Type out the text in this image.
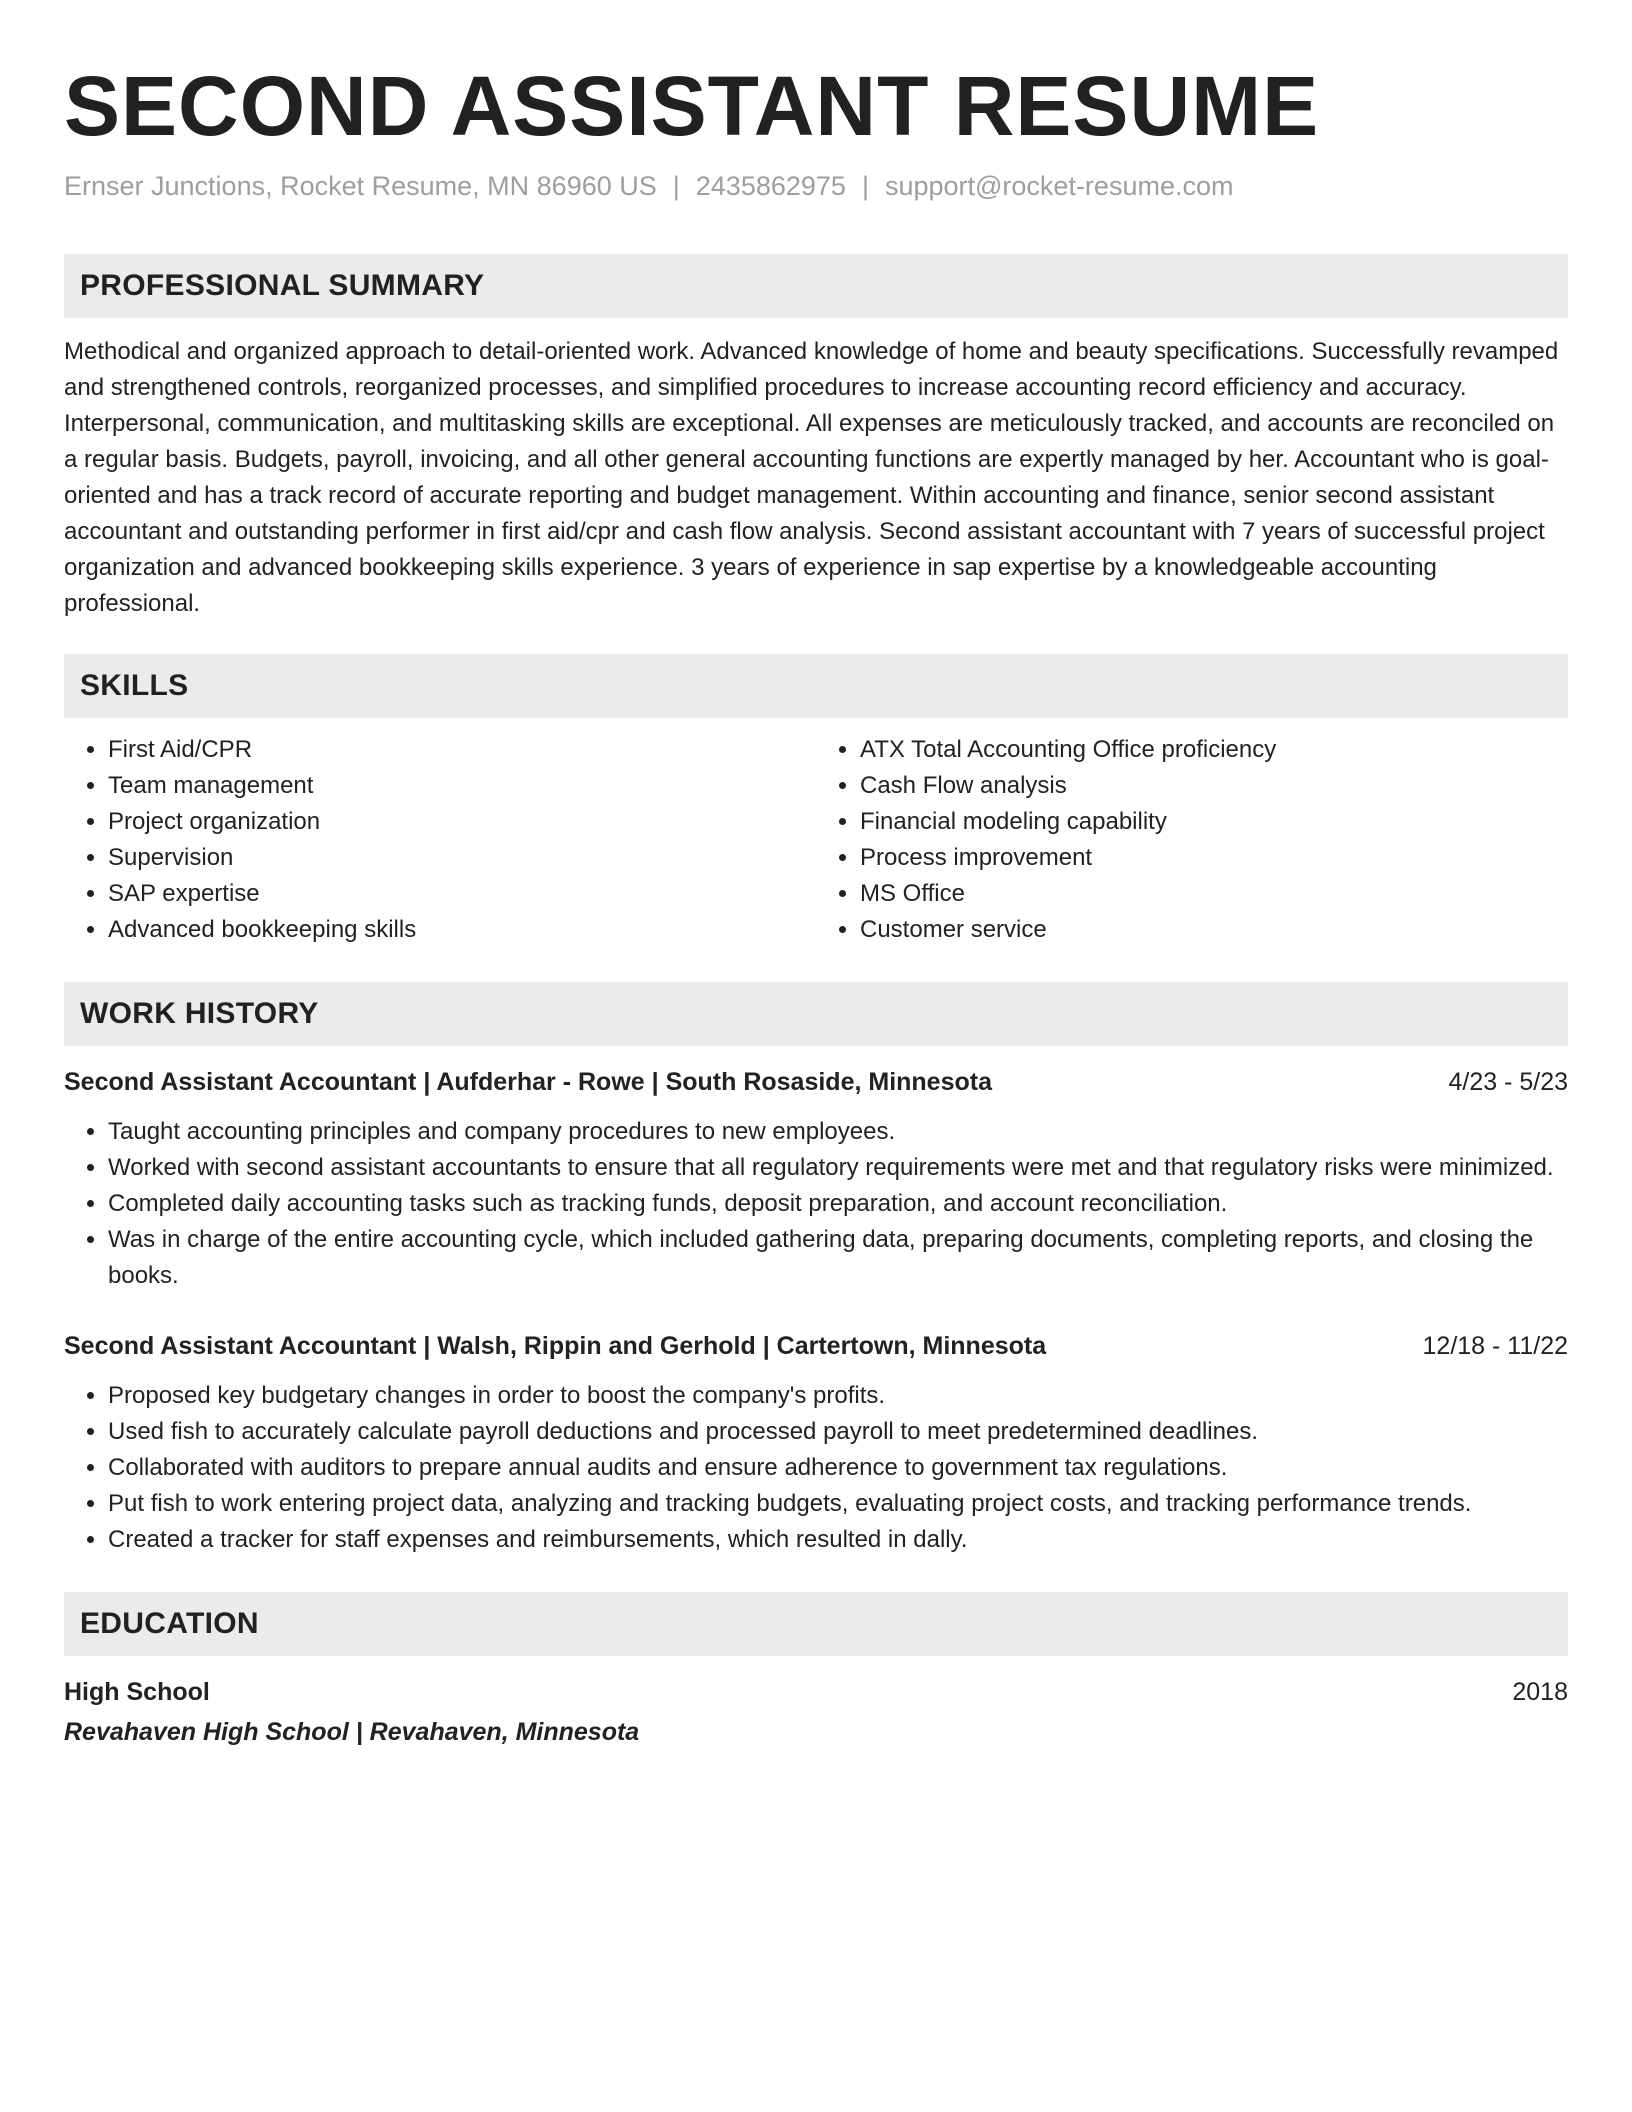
SECOND ASSISTANT RESUME
Ernser Junctions, Rocket Resume, MN 86960 US | 2435862975 | support@rocket-resume.com
PROFESSIONAL SUMMARY

Methodical and organized approach to detail-oriented work. Advanced knowledge of home and beauty specifications. Successfully revamped and strengthened controls, reorganized processes, and simplified procedures to increase accounting record efficiency and accuracy. Interpersonal, communication, and multitasking skills are exceptional. All expenses are meticulously tracked, and accounts are reconciled on a regular basis. Budgets, payroll, invoicing, and all other general accounting functions are expertly managed by her. Accountant who is goal-oriented and has a track record of accurate reporting and budget management. Within accounting and finance, senior second assistant accountant and outstanding performer in first aid/cpr and cash flow analysis. Second assistant accountant with 7 years of successful project organization and advanced bookkeeping skills experience. 3 years of experience in sap expertise by a knowledgeable accounting professional.

SKILLS
• First Aid/CPR
• Team management
• Project organization
• Supervision
• SAP expertise
• Advanced bookkeeping skills
• ATX Total Accounting Office proficiency
• Cash Flow analysis
• Financial modeling capability
• Process improvement
• MS Office
• Customer service
WORK HISTORY
Second Assistant Accountant | Aufderhar - Rowe | South Rosaside, Minnesota	4/23 - 5/23
• Taught accounting principles and company procedures to new employees.
• Worked with second assistant accountants to ensure that all regulatory requirements were met and that regulatory risks were minimized.
• Completed daily accounting tasks such as tracking funds, deposit preparation, and account reconciliation.
• Was in charge of the entire accounting cycle, which included gathering data, preparing documents, completing reports, and closing the books.
Second Assistant Accountant | Walsh, Rippin and Gerhold | Cartertown, Minnesota	12/18 - 11/22
• Proposed key budgetary changes in order to boost the company's profits.
• Used fish to accurately calculate payroll deductions and processed payroll to meet predetermined deadlines.
• Collaborated with auditors to prepare annual audits and ensure adherence to government tax regulations.
• Put fish to work entering project data, analyzing and tracking budgets, evaluating project costs, and tracking performance trends.
• Created a tracker for staff expenses and reimbursements, which resulted in dally.
EDUCATION
High School	2018
Revahaven High School | Revahaven, Minnesota
